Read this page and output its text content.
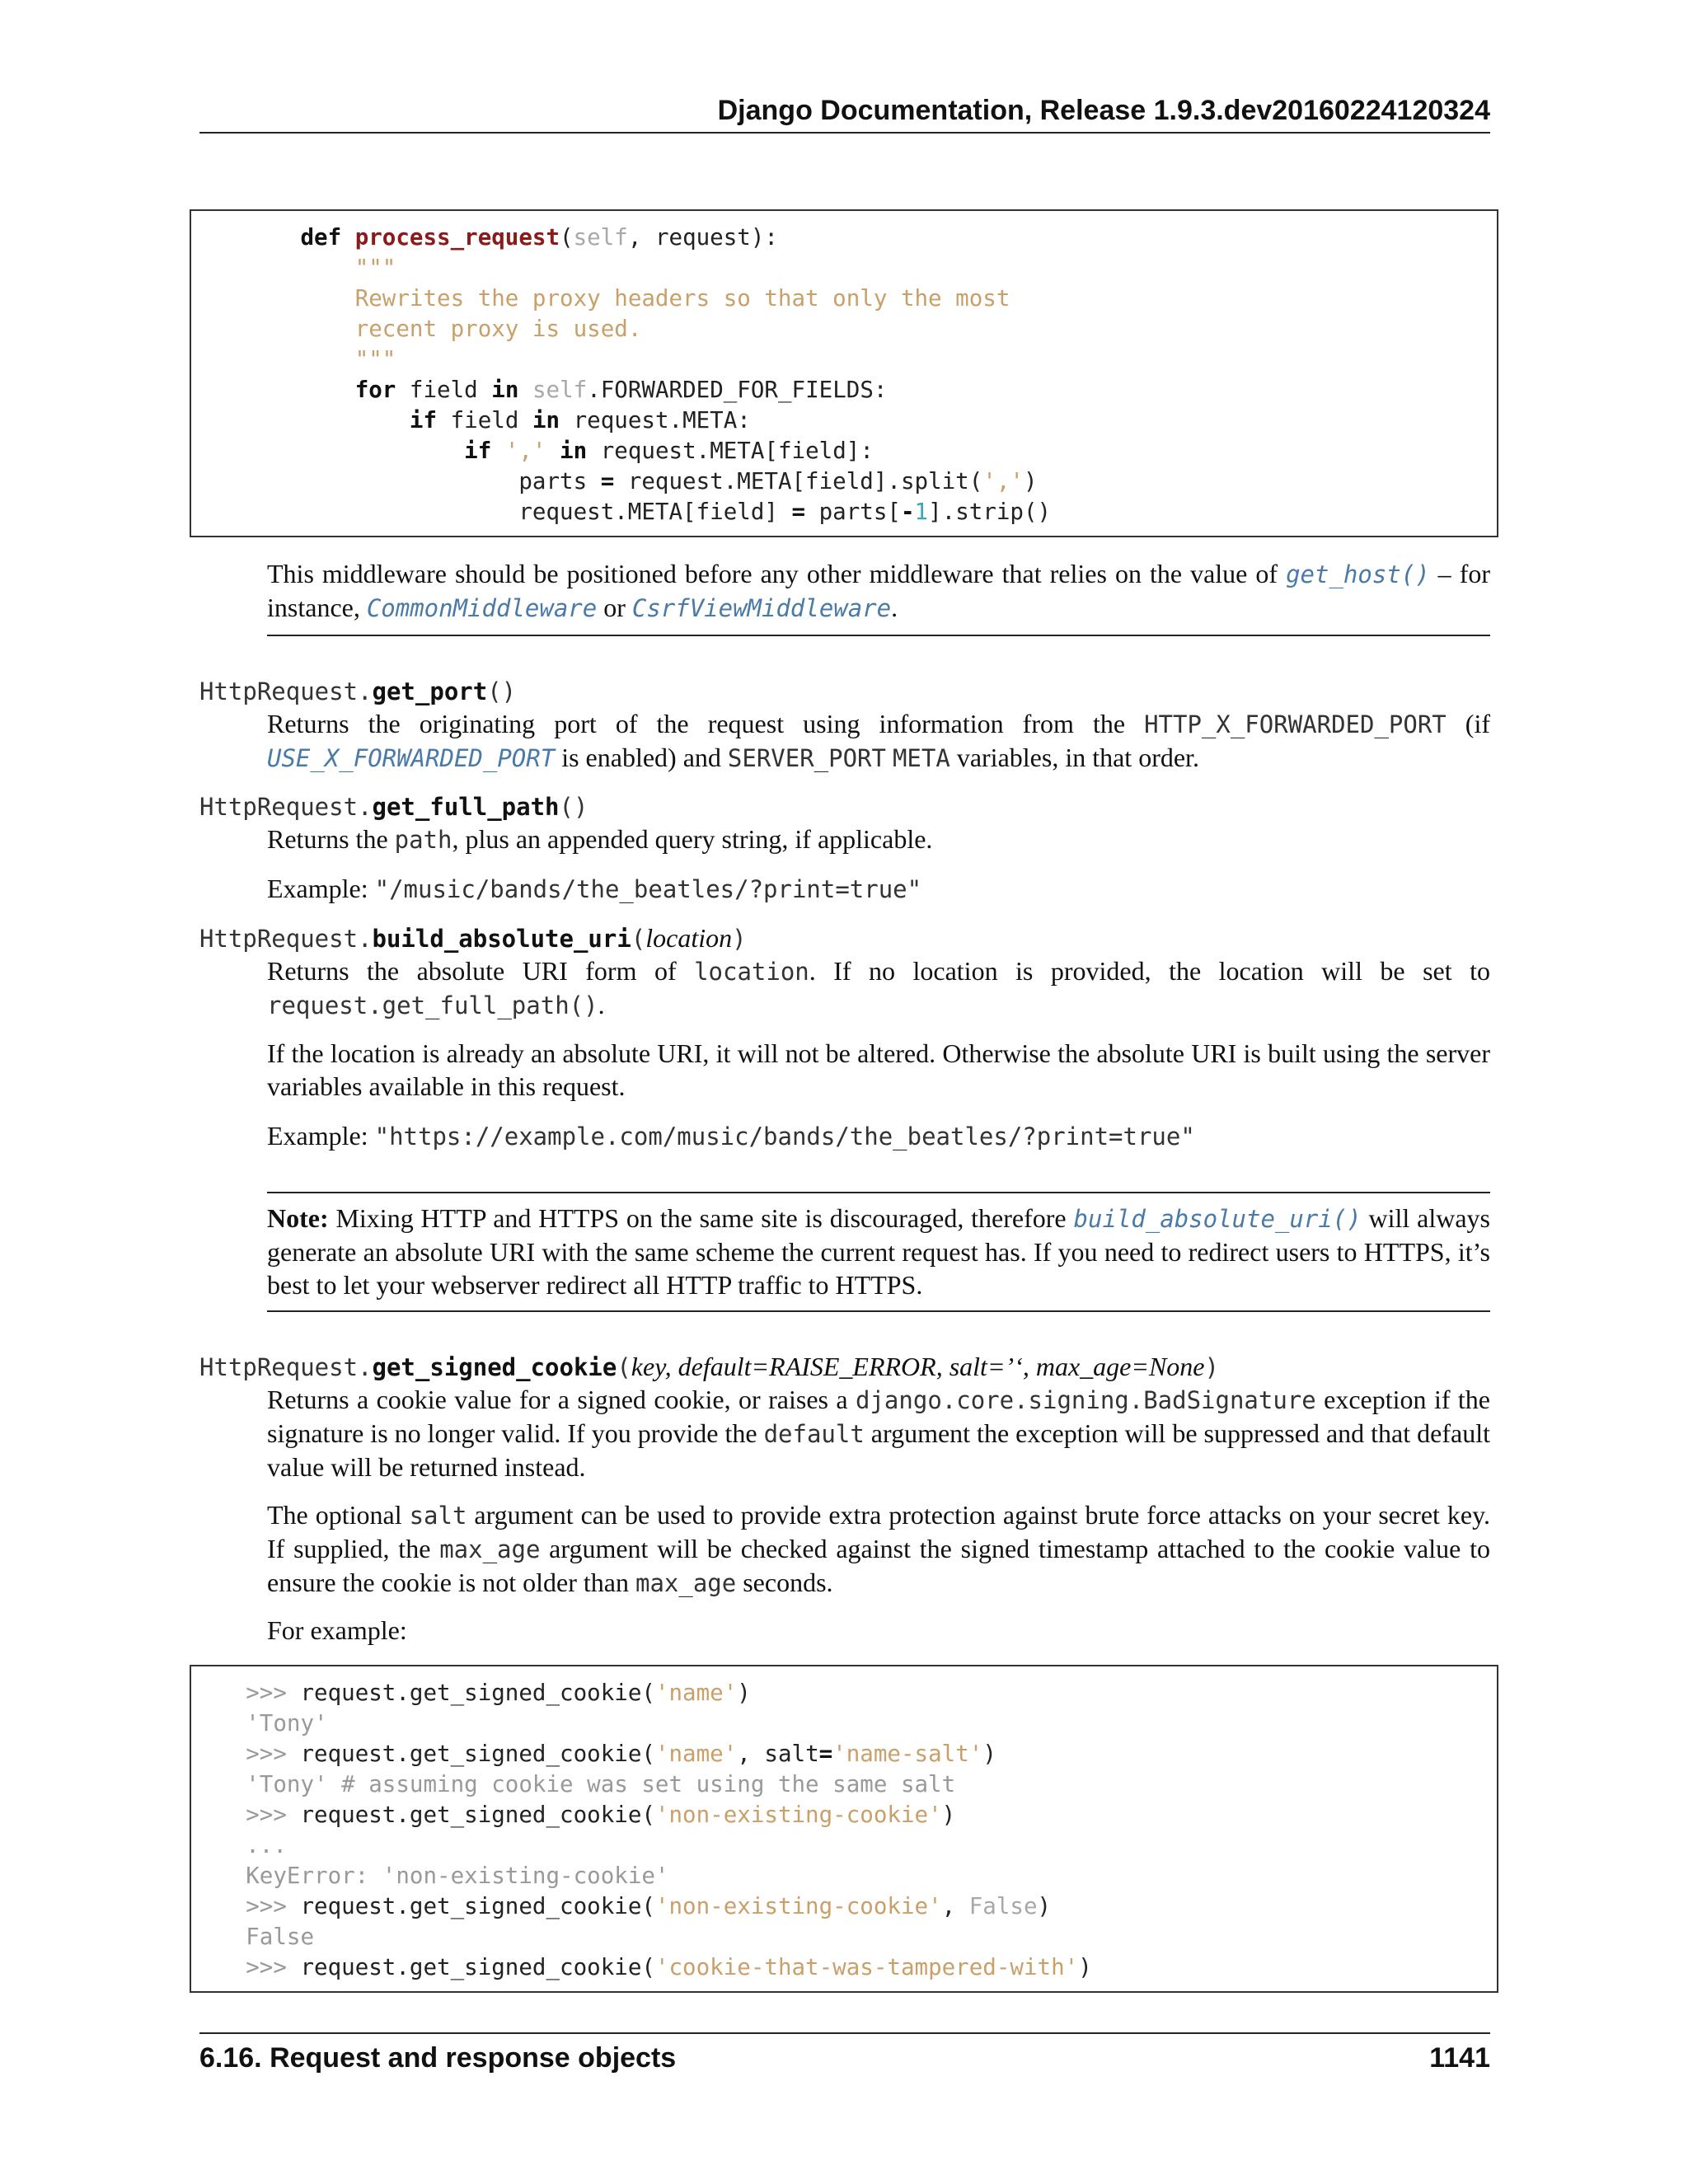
Django Documentation, Release 1.9.3.dev20160224120324
def process_request(self, request):
"""
Rewrites the proxy headers so that only the most
recent proxy is used.
"""
for field in self.FORWARDED_FOR_FIELDS:
if field in request.META:
if ',' in request.META[field]:
parts = request.META[field].split(',')
request.META[field] = parts[-1].strip()
This middleware should be positioned before any other middleware that relies on the value of get_host() – for instance, CommonMiddleware or CsrfViewMiddleware.
HttpRequest.get_port()
Returns the originating port of the request using information from the HTTP_X_FORWARDED_PORT (if USE_X_FORWARDED_PORT is enabled) and SERVER_PORT META variables, in that order.
HttpRequest.get_full_path()
Returns the path, plus an appended query string, if applicable.
Example: "/music/bands/the_beatles/?print=true"
HttpRequest.build_absolute_uri(location)
Returns the absolute URI form of location. If no location is provided, the location will be set to request.get_full_path().
If the location is already an absolute URI, it will not be altered. Otherwise the absolute URI is built using the server variables available in this request.
Example: "https://example.com/music/bands/the_beatles/?print=true"
Note: Mixing HTTP and HTTPS on the same site is discouraged, therefore build_absolute_uri() will always generate an absolute URI with the same scheme the current request has. If you need to redirect users to HTTPS, it’s best to let your webserver redirect all HTTP traffic to HTTPS.
HttpRequest.get_signed_cookie(key, default=RAISE_ERROR, salt=’‘, max_age=None)
Returns a cookie value for a signed cookie, or raises a django.core.signing.BadSignature exception if the signature is no longer valid. If you provide the default argument the exception will be suppressed and that default value will be returned instead.
The optional salt argument can be used to provide extra protection against brute force attacks on your secret key. If supplied, the max_age argument will be checked against the signed timestamp attached to the cookie value to ensure the cookie is not older than max_age seconds.
For example:
>>> request.get_signed_cookie('name')
'Tony'
>>> request.get_signed_cookie('name', salt='name-salt')
'Tony' # assuming cookie was set using the same salt
>>> request.get_signed_cookie('non-existing-cookie')
...
KeyError: 'non-existing-cookie'
>>> request.get_signed_cookie('non-existing-cookie', False)
False
>>> request.get_signed_cookie('cookie-that-was-tampered-with')
6.16. Request and response objects	1141
